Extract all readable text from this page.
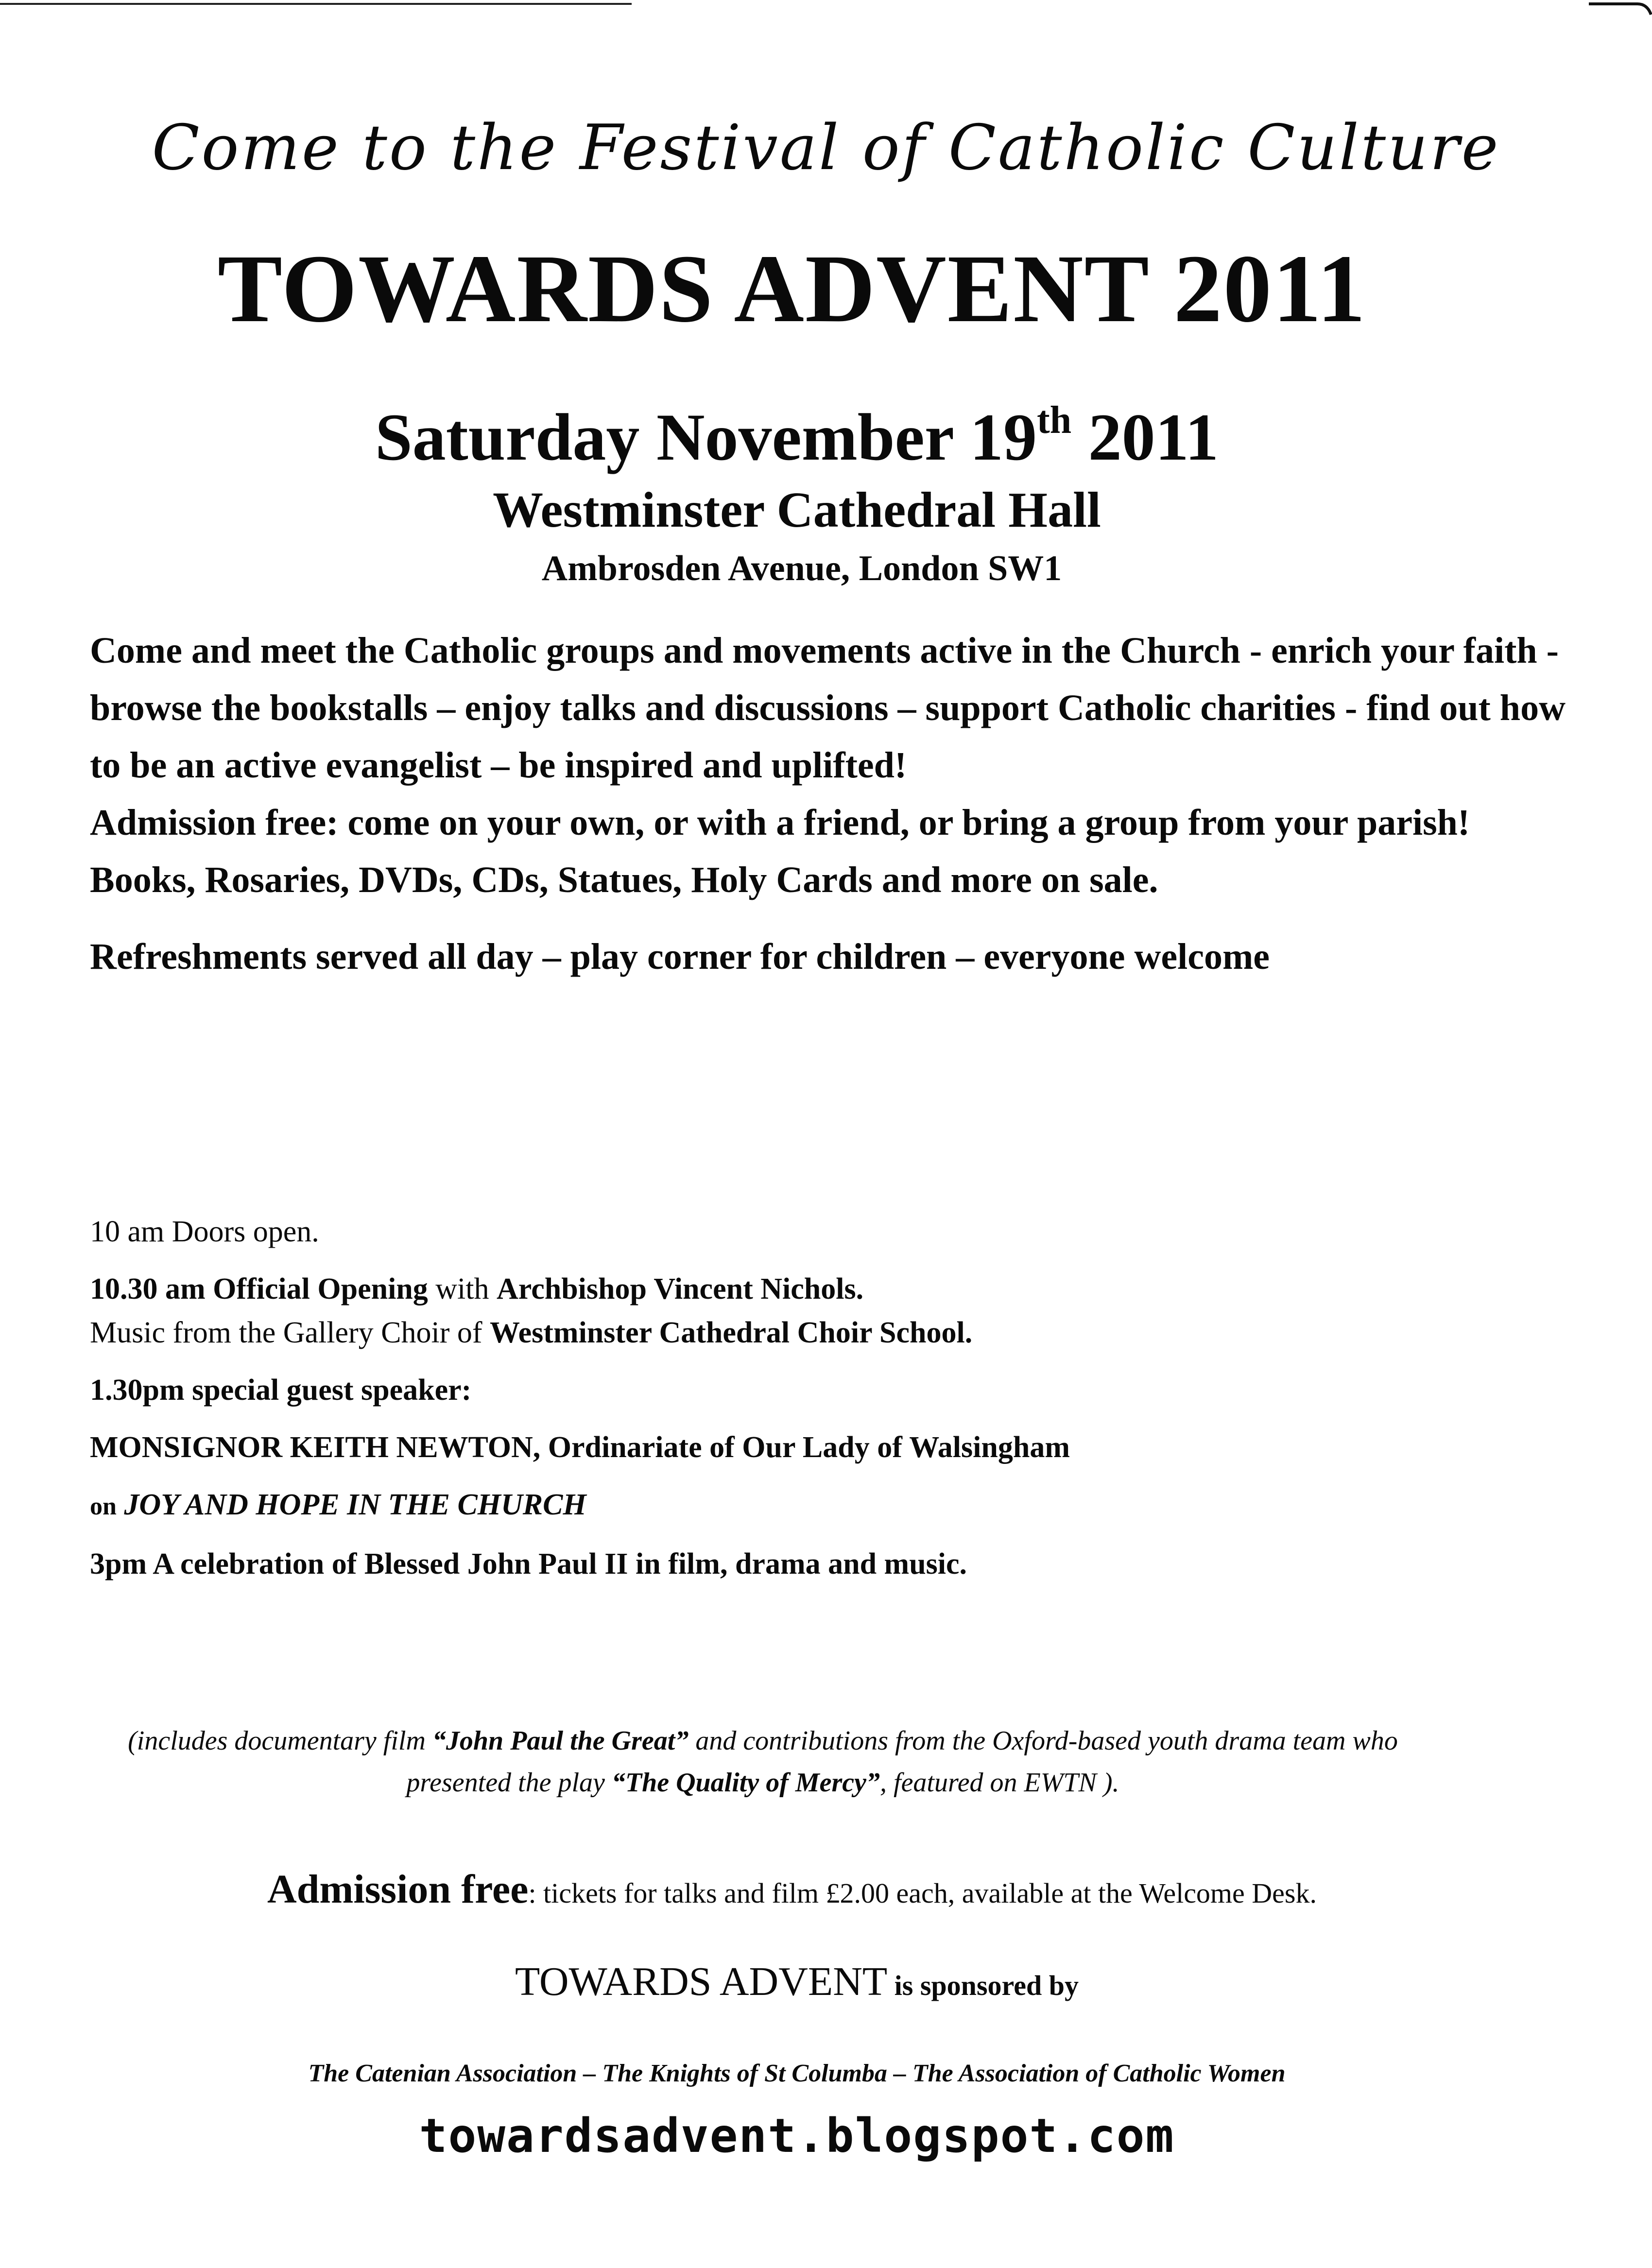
Come to the Festival of Catholic Culture
TOWARDS ADVENT 2011
Saturday November 19th 2011
Westminster Cathedral Hall
Ambrosden Avenue, London SW1

Come and meet the Catholic groups and movements active in the Church - enrich your faith - browse the bookstalls – enjoy talks and discussions – support Catholic charities - find out how to be an active evangelist – be inspired and uplifted!

Admission free: come on your own, or with a friend, or bring a group from your parish!

Books, Rosaries, DVDs, CDs, Statues, Holy Cards and more on sale.

Refreshments served all day – play corner for children – everyone welcome

10 am Doors open.

10.30 am Official Opening with Archbishop Vincent Nichols.

Music from the Gallery Choir of Westminster Cathedral Choir School.

1.30pm special guest speaker:

MONSIGNOR KEITH NEWTON, Ordinariate of Our Lady of Walsingham

on JOY AND HOPE IN THE CHURCH

3pm A celebration of Blessed John Paul II in film, drama and music.

(includes documentary film “John Paul the Great” and contributions from the Oxford-based youth drama team who presented the play “The Quality of Mercy”, featured on EWTN ).
Admission free: tickets for talks and film £2.00 each, available at the Welcome Desk.
TOWARDS ADVENT is sponsored by
The Catenian Association – The Knights of St Columba – The Association of Catholic Women
towardsadvent.blogspot.com
